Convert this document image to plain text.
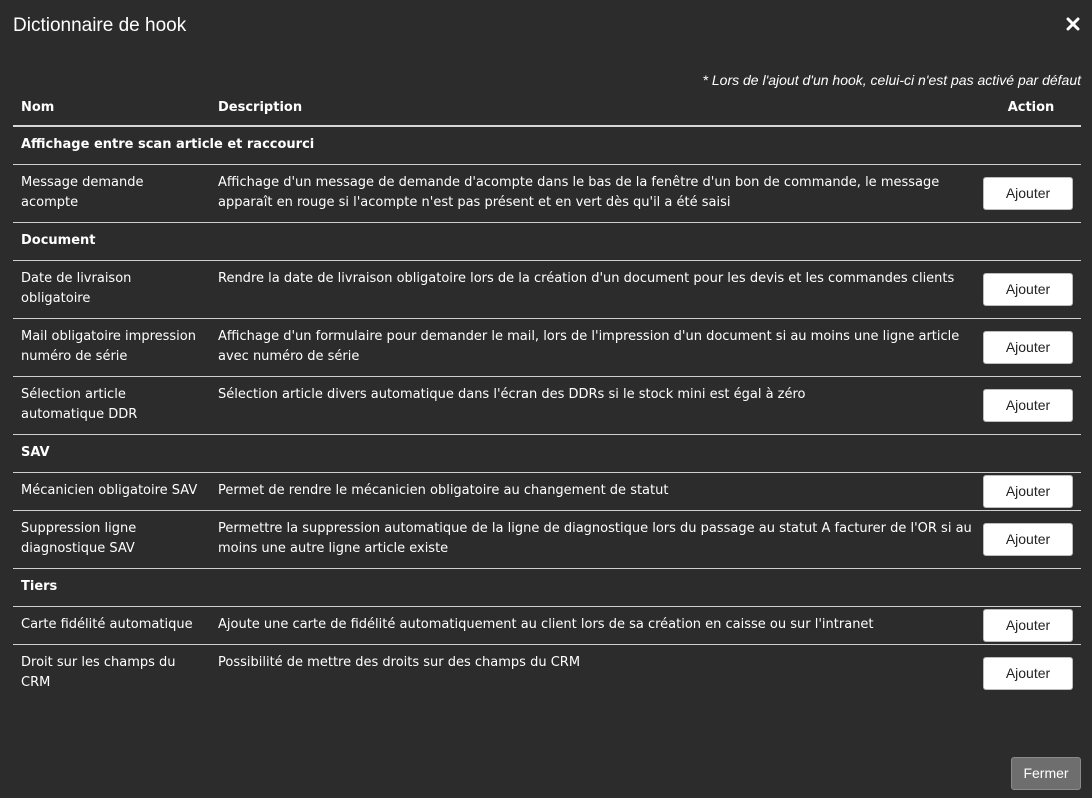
Dictionnaire de hook
* Lors de l'ajout d'un hook, celui-ci n'est pas activé par défaut
Nom	Description	Action
Affichage entre scan article et raccourci		
Message demande acompte	Affichage d'un message de demande d'acompte dans le bas de la fenêtre d'un bon de commande, le message apparaît en rouge si l'acompte n'est pas présent et en vert dès qu'il a été saisi	Ajouter
Document		
Date de livraison obligatoire	Rendre la date de livraison obligatoire lors de la création d'un document pour les devis et les commandes clients	Ajouter
Mail obligatoire impression numéro de série	Affichage d'un formulaire pour demander le mail, lors de l'impression d'un document si au moins une ligne article avec numéro de série	Ajouter
Sélection article automatique DDR	Sélection article divers automatique dans l'écran des DDRs si le stock mini est égal à zéro	Ajouter
SAV		
Mécanicien obligatoire SAV	Permet de rendre le mécanicien obligatoire au changement de statut	Ajouter
Suppression ligne diagnostique SAV	Permettre la suppression automatique de la ligne de diagnostique lors du passage au statut A facturer de l'OR si au moins une autre ligne article existe	Ajouter
Tiers		
Carte fidélité automatique	Ajoute une carte de fidélité automatiquement au client lors de sa création en caisse ou sur l'intranet	Ajouter
Droit sur les champs du CRM	Possibilité de mettre des droits sur des champs du CRM	Ajouter
Fermer
